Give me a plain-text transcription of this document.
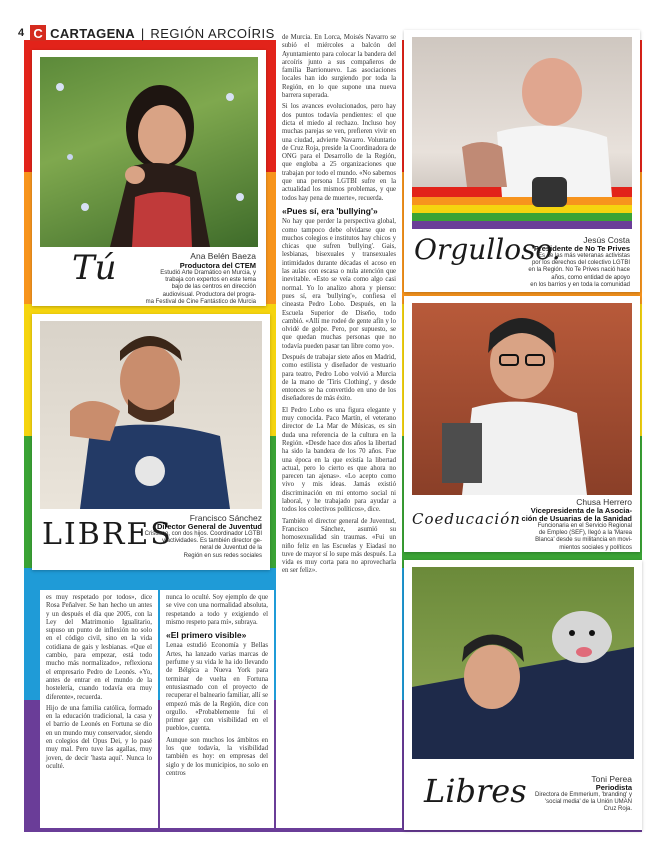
4 C CARTAGENA | REGIÓN ARCOÍRIS
Tú	Ana Belén Baeza
Productora del CTEM
Estudió Arte Dramático en Murcia, y
trabaja con expertos en este tema
bajo de las centros en dirección
audiovisual. Productora del progra-
ma Festival de Cine Fantástico de Murcia
Orgulloso.	Jesús Costa
Presidente de No Te Prives
Es de las más veteranas activistas
por los derechos del colectivo LGTBI
en la Región. No Te Prives nació hace
años, como entidad de apoyo
en los barrios y en toda la comunidad
LIBRES Francisco Sánchez
Director General de Juventud
Cristiano, con dos hijos. Coordinador LGTBI
y actividades. Es también director ge-
neral de Juventud de la
Región en sus redes sociales
Coeducación
Chusa Herrero
Vicepresidenta de la Asocia-
ción de Usuarias de la Sanidad
Funcionaria en el Servicio Regional
de Empleo (SEF), llegó a la 'Marea
Blanca' desde su militancia en movi-
mientos sociales y políticos
Libres	Toni Perea
Periodista
Directora de Emmerium, 'branding' y
'social media' de la Unión UMAN
Cruz Roja.

de Murcia. En Lorca, Moisés Navarro se subió el miércoles a balcón del Ayuntamiento para colocar la bandera del arcoíris junto a sus compañeros de familia Barrionuevo. Las asociaciones locales han ido surgiendo por toda la Región, en lo que supone una nueva barrera superada.

Si los avances evolucionados, pero hay dos puntos todavía pendientes: el que dicta el miedo al rechazo. Incluso hoy muchas parejas se ven, prefieren vivir en una ciudad, advierte Navarro. Voluntario de Cruz Roja, preside la Coordinadora de ONG para el Desarrollo de la Región, que engloba a 25 organizaciones que trabajan por todo el mundo. «No sabemos que una persona LGTBI sufre en la actualidad los mismos problemas, y que todos hay pena de muerte», recuerda.

«Pues sí, era 'bullying'»

No hay que perder la perspectiva global, como tampoco debe olvidarse que en muchos colegios e institutos hay chicos y chicas que sufren 'bullying'. Gais, lesbianas, bisexuales y transexuales intimidados durante décadas el acoso en las aulas con escasa o nula atención que inevitable. «Esto se veía como algo casi normal. Yo lo analizo ahora y pienso: pues sí, era 'bullying'», confiesa el cineasta Pedro Lobo. Después, en la Escuela Superior de Diseño, todo cambió. «Allí me rodeé de gente afín y lo olvidé de golpe. Pero, por supuesto, se que quedan muchas personas que no todavía pueden pasar tan libre como yo».

Después de trabajar siete años en Madrid, como estilista y diseñador de vestuario para teatro, Pedro Lobo volvió a Murcia de la mano de 'Tiris Clothing', y desde entonces se ha convertido en uno de los diseñadores de más éxito.

El Pedro Lobo es una figura elegante y muy conocida. Paco Martín, el veterano director de La Mar de Músicas, es sin duda una referencia de la cultura en la Región. «Desde hace dos años la libertad ha sido la bandera de los 70 años. Fue una época en la que existía la libertad actual, pero lo cierto es que ahora no parecen tan ajenas». «Lo acepto como vivo y mis ideas. Jamás existió discriminación en mi entorno social ni laboral, y he trabajado para ayudar a todos los colectivos políticos», dice.

También el director general de Juventud, Francisco Sánchez, asumió su homosexualidad sin traumas. «Fui un niño feliz en las Escuelas y Eiadasí no tuve de mayor sí lo supe más después. La vida es muy corta para no aprovecharla en ser feliz».

es muy respetado por todos», dice Rosa Peñalver. Se han hecho un antes y un después el día que 2005, con la Ley del Matrimonio Igualitario, supuso un punto de inflexión no solo en el código civil, sino en la vida cotidiana de gais y lesbianas. «Que el cambio, para empezar, está todo mucho más normalizado», reflexiona el empresario Pedro de Leonés. «Yo, antes de entrar en el mundo de la hostelería, cuando todavía era muy diferente», recuerda.

Hijo de una familia católica, formado en la educación tradicional, la casa y el barrio de Leonés en Fortuna se dio en un mundo muy conservador, siendo en colegios del Opus Dei, y lo pasé muy mal. Pero tuve las agallas, muy joven, de decir 'hasta aquí'. Nunca lo oculté.

nunca lo oculté. Soy ejemplo de que se vive con una normalidad absoluta, respetando a todo y exigiendo el mismo respeto para mí», subraya.

«El primero visible»

Lenaa estudió Economía y Bellas Artes, ha lanzado varias marcas de perfume y su vida le ha ido llevando de Bélgica a Nueva York para terminar de vuelta en Fortuna entusiasmado con el proyecto de recuperar el balneario familiar, allí se empezó más de la Región, dice con orgullo. «Probablemente fui el primer gay con visibilidad en el pueblo», cuenta.

Aunque son muchos los ámbitos en los que todavía, la visibilidad también es hoy: en empresas del siglo y de los municipios, no solo en centros
